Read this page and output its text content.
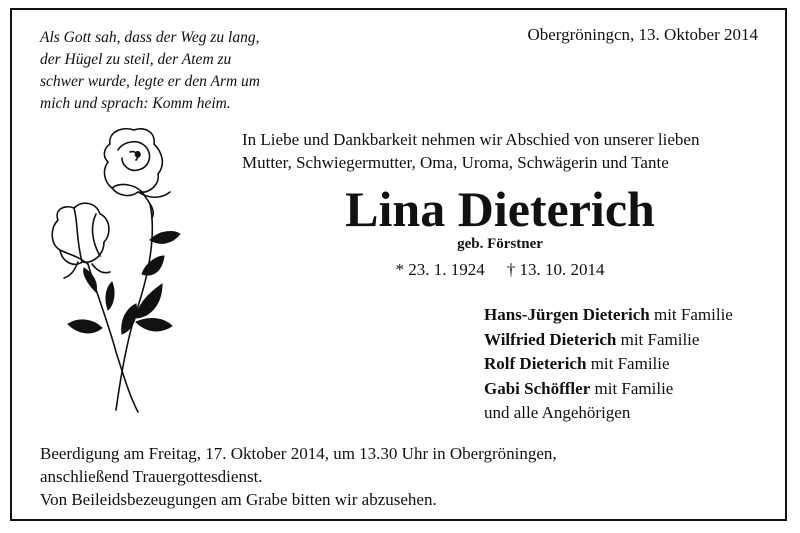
Als Gott sah, dass der Weg zu lang,
der Hügel zu steil, der Atem zu
schwer wurde, legte er den Arm um
mich und sprach: Komm heim.
Obergröningcn, 13. Oktober 2014
In Liebe und Dankbarkeit nehmen wir Abschied von unserer lieben
Mutter, Schwiegermutter, Oma, Uroma, Schwägerin und Tante
Lina Dieterich
geb. Förstner
* 23. 1. 1924 † 13. 10. 2014
Hans-Jürgen Dieterich mit Familie
Wilfried Dieterich mit Familie
Rolf Dieterich mit Familie
Gabi Schöffler mit Familie
und alle Angehörigen
Beerdigung am Freitag, 17. Oktober 2014, um 13.30 Uhr in Obergröningen,
anschließend Trauergottesdienst.
Von Beileidsbezeugungen am Grabe bitten wir abzusehen.
